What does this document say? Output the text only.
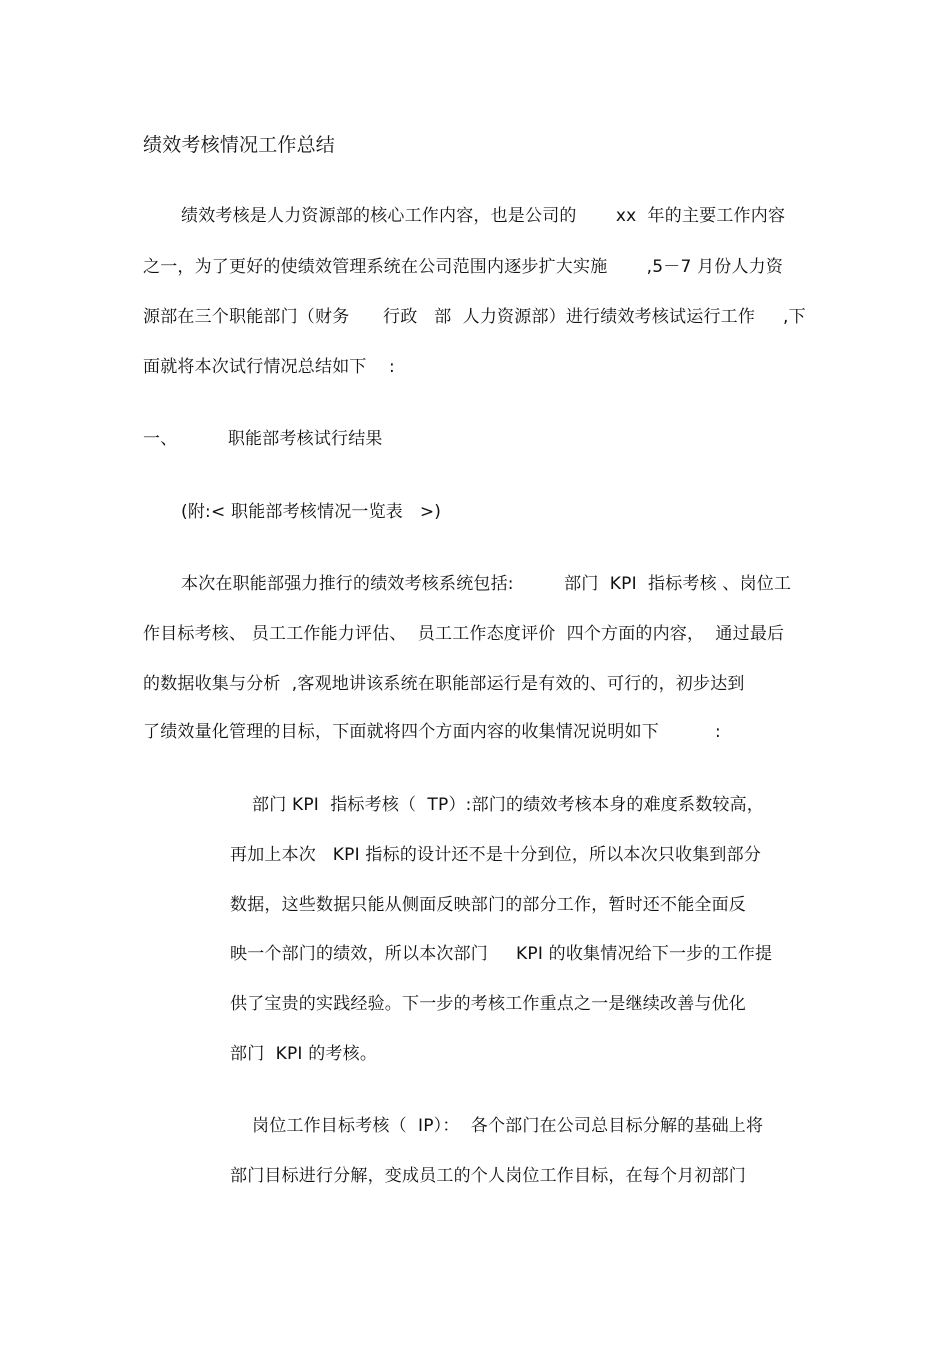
绩效考核情况工作总结
绩效考核是人力资源部的核心工作内容，也是公司的       xx  年的主要工作内容
之一，为了更好的使绩效管理系统在公司范围内逐步扩大实施       ,5－7 月份人力资
源部在三个职能部门（财务      行政   部  人力资源部）进行绩效考核试运行工作     ,下
面就将本次试行情况总结如下    :
一、         职能部考核试行结果
(附:< 职能部考核情况一览表   >)
本次在职能部强力推行的绩效考核系统包括:         部门  KPI  指标考核 、岗位工
作目标考核、 员工工作能力评估、  员工工作态度评价  四个方面的内容，  通过最后
的数据收集与分析  ,客观地讲该系统在职能部运行是有效的、可行的，初步达到
了绩效量化管理的目标，下面就将四个方面内容的收集情况说明如下          :
部门 KPI  指标考核（  TP）:部门的绩效考核本身的难度系数较高，
再加上本次   KPI 指标的设计还不是十分到位，所以本次只收集到部分
数据，这些数据只能从侧面反映部门的部分工作，暂时还不能全面反
映一个部门的绩效，所以本次部门     KPI 的收集情况给下一步的工作提
供了宝贵的实践经验。下一步的考核工作重点之一是继续改善与优化
部门  KPI 的考核。
岗位工作目标考核（  IP）：  各个部门在公司总目标分解的基础上将
部门目标进行分解，变成员工的个人岗位工作目标，在每个月初部门
